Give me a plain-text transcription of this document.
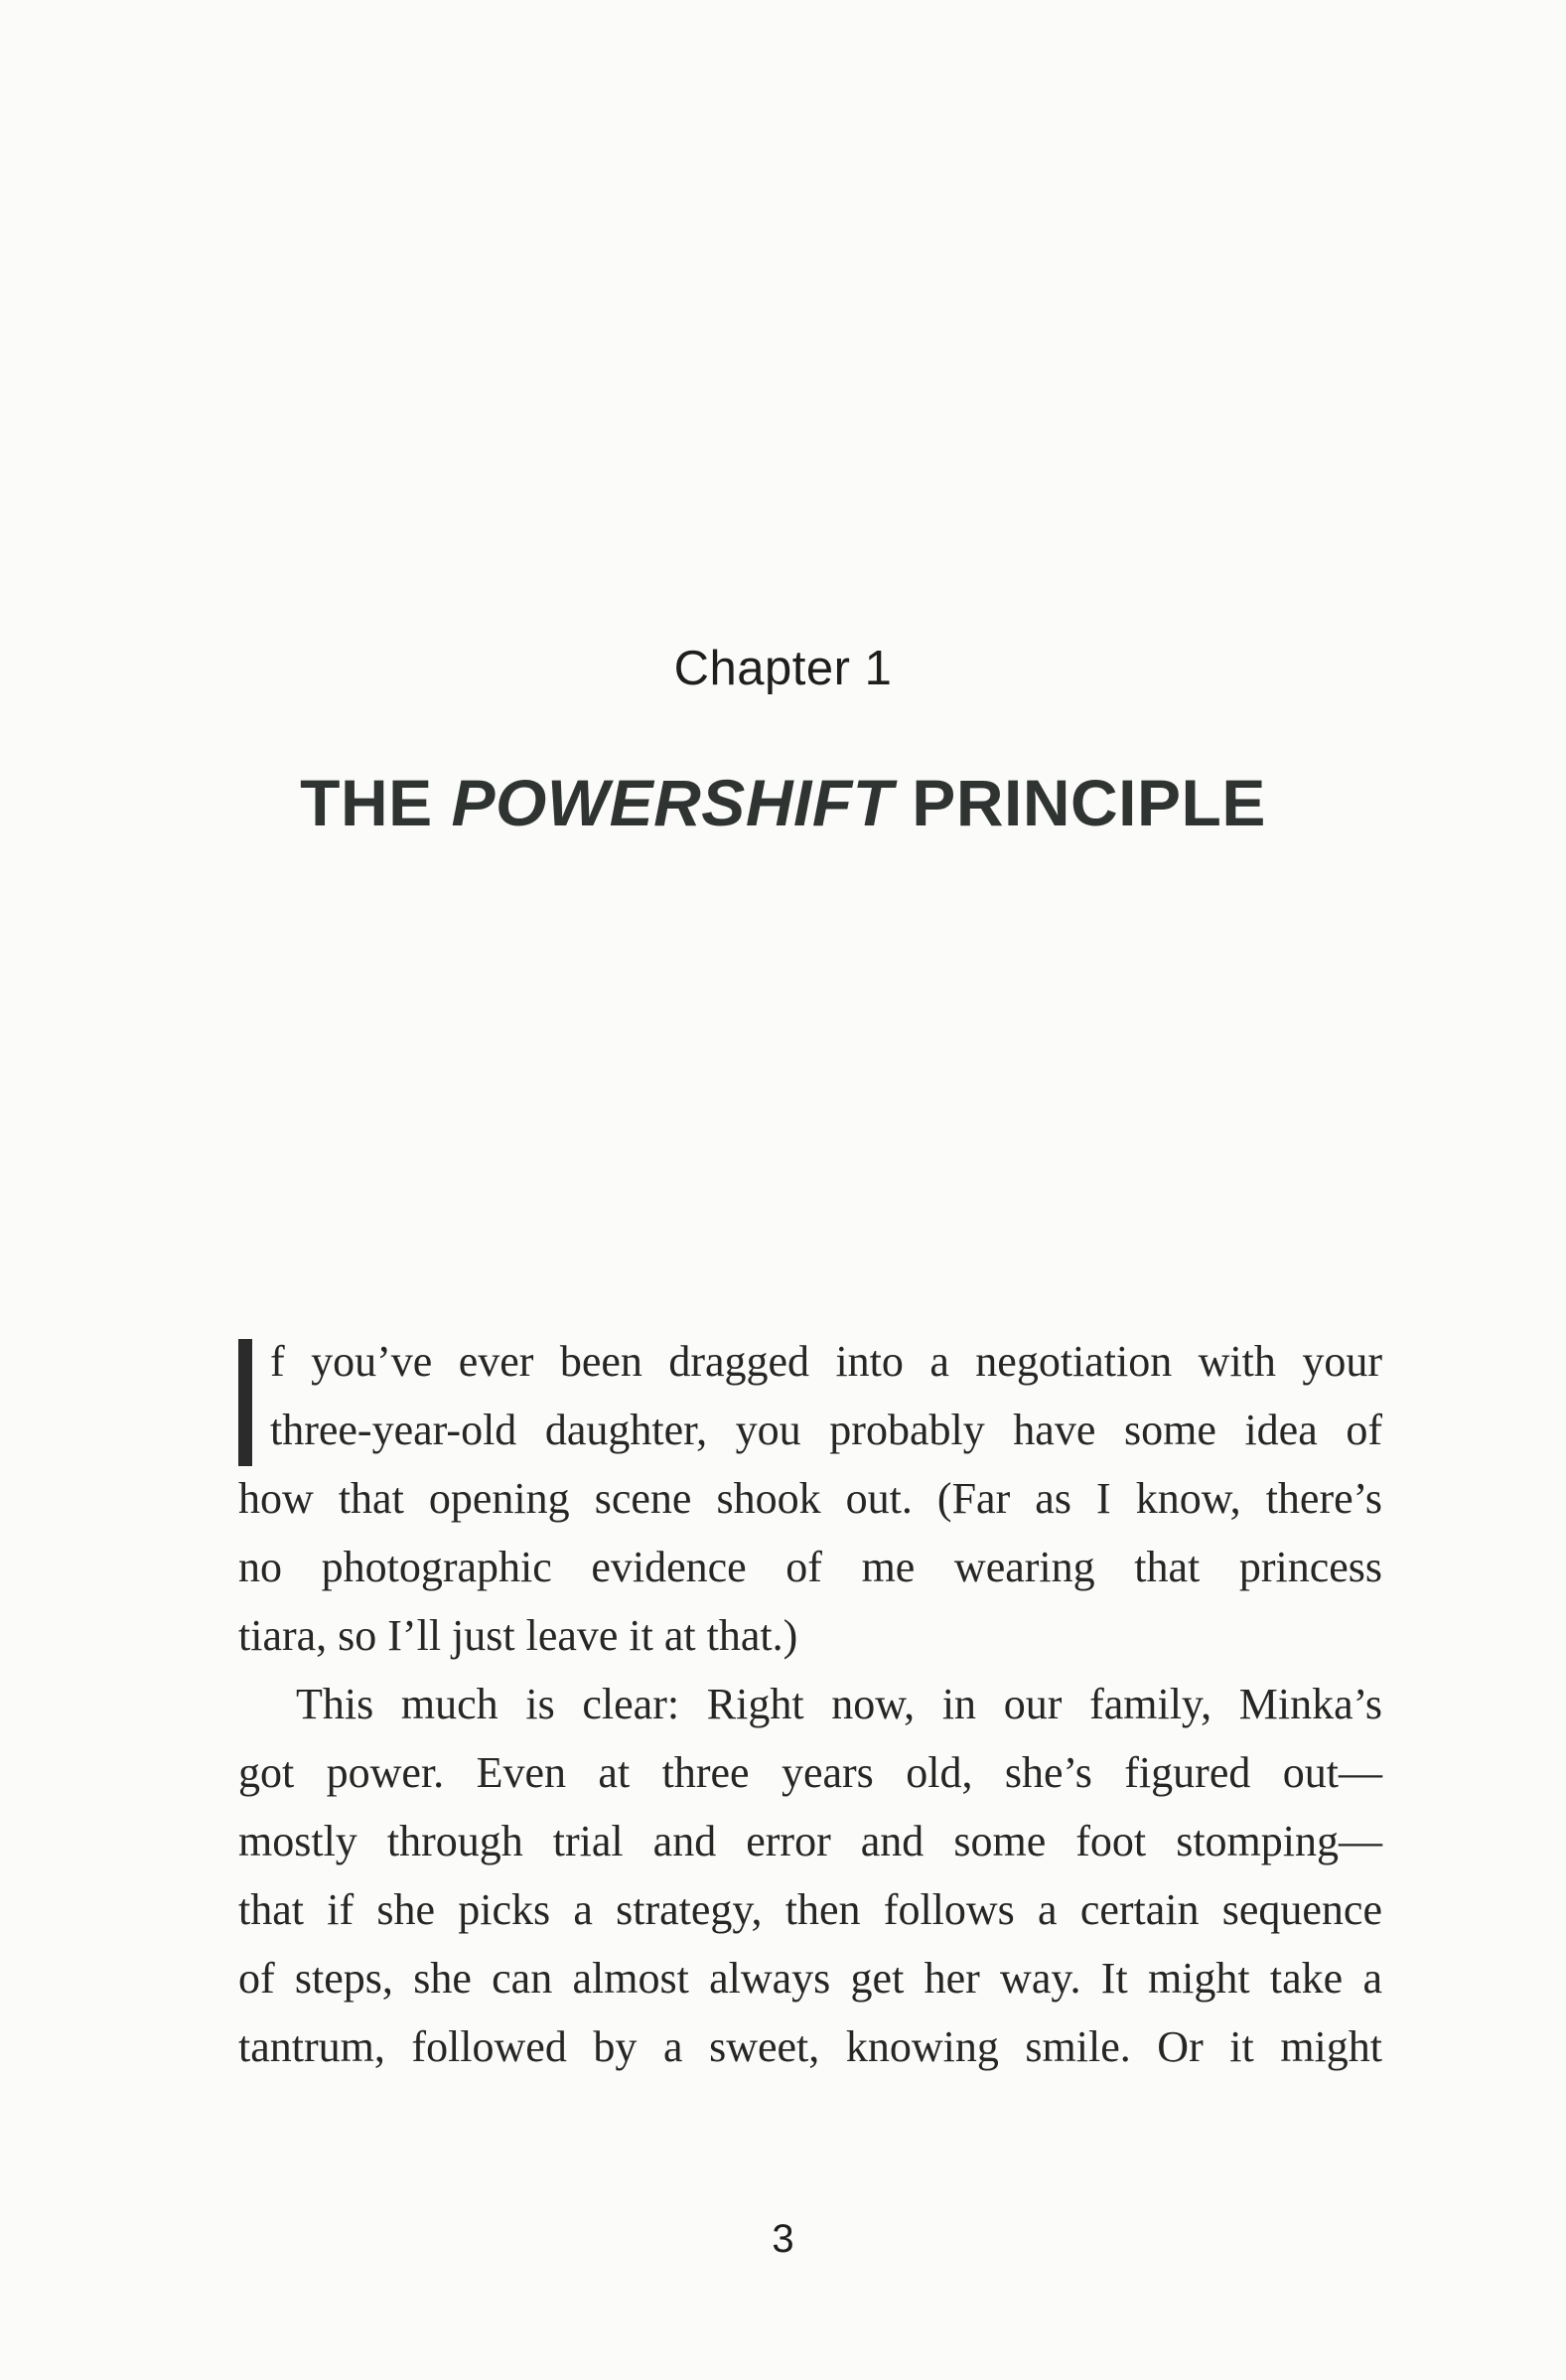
Chapter 1
THE POWERSHIFT PRINCIPLE
f you’ve ever been dragged into a negotiation with your
three-year-old daughter, you probably have some idea of
how that opening scene shook out. (Far as I know, there’s
no photographic evidence of me wearing that princess
tiara, so I’ll just leave it at that.)
This much is clear: Right now, in our family, Minka’s
got power. Even at three years old, she’s figured out—
mostly through trial and error and some foot stomping—
that if she picks a strategy, then follows a certain sequence
of steps, she can almost always get her way. It might take a
tantrum, followed by a sweet, knowing smile. Or it might
3
